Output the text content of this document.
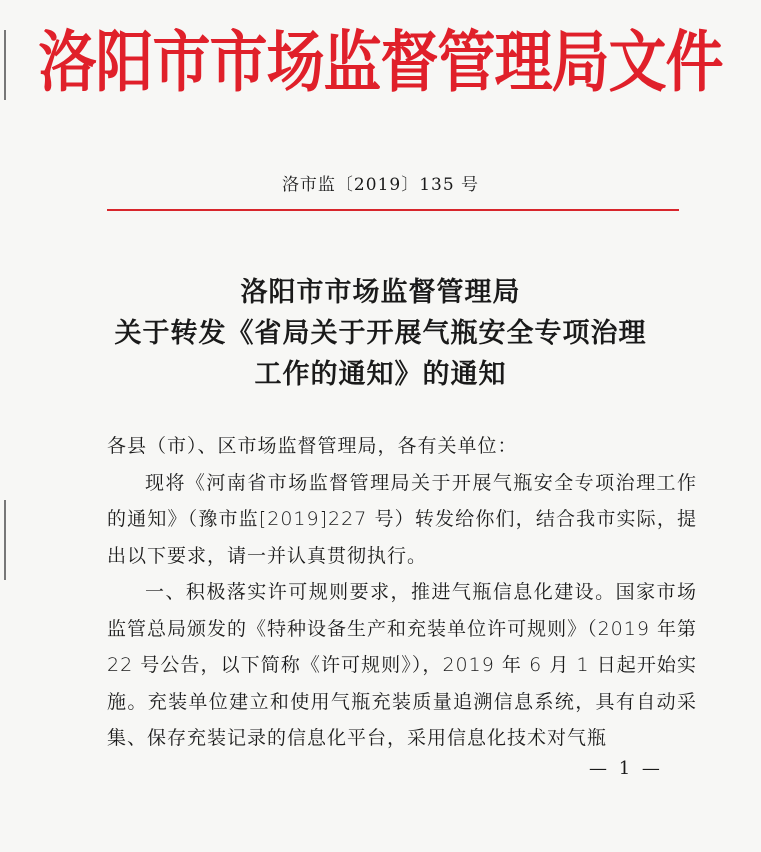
洛阳市市场监督管理局文件
洛市监〔2019〕135 号
洛阳市市场监督管理局
关于转发《省局关于开展气瓶安全专项治理
工作的通知》的通知

各县（市）、区市场监督管理局，各有关单位：

现将《河南省市场监督管理局关于开展气瓶安全专项治理工作的通知》（豫市监[2019]227 号）转发给你们，结合我市实际，提出以下要求，请一并认真贯彻执行。

一、积极落实许可规则要求，推进气瓶信息化建设。国家市场监管总局颁发的《特种设备生产和充装单位许可规则》（2019 年第 22 号公告，以下简称《许可规则》），2019 年 6 月 1 日起开始实施。充装单位建立和使用气瓶充装质量追溯信息系统，具有自动采集、保存充装记录的信息化平台，采用信息化技术对气瓶

— 1 —
